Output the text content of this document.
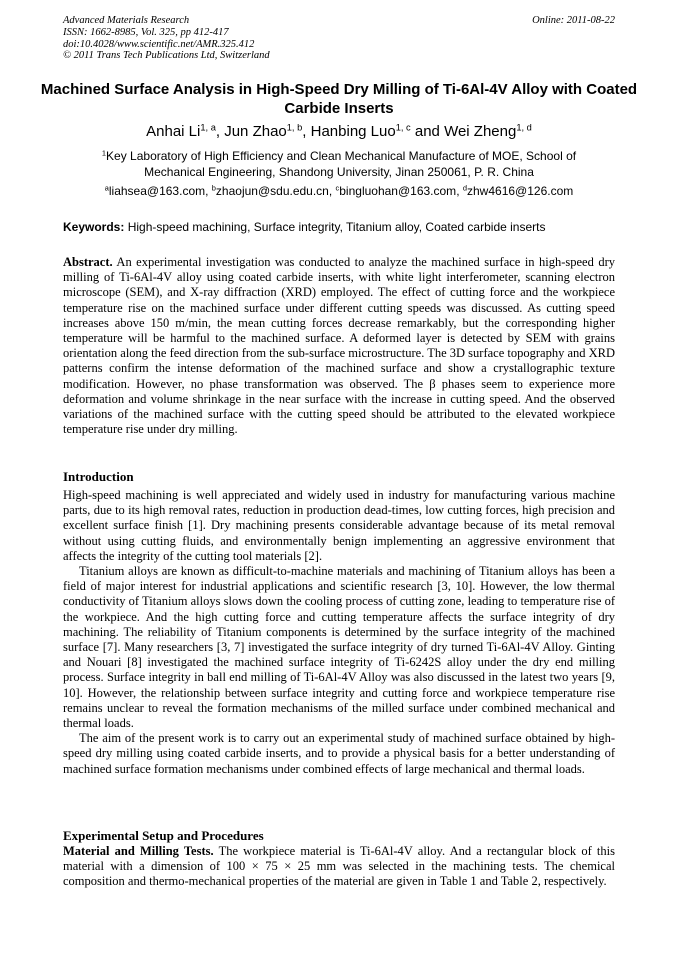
Advanced Materials Research
ISSN: 1662-8985, Vol. 325, pp 412-417
doi:10.4028/www.scientific.net/AMR.325.412
© 2011 Trans Tech Publications Ltd, Switzerland
Online: 2011-08-22
Machined Surface Analysis in High-Speed Dry Milling of Ti-6Al-4V Alloy with Coated Carbide Inserts
Anhai Li$^{1, a}$, Jun Zhao$^{1, b}$, Hanbing Luo$^{1, c}$ and Wei Zheng$^{1, d}$
$^1$Key Laboratory of High Efficiency and Clean Mechanical Manufacture of MOE, School of Mechanical Engineering, Shandong University, Jinan 250061, P. R. China
$^a$liahsea@163.com, $^b$zhaojun@sdu.edu.cn, $^c$bingluohan@163.com, $^d$zhw4616@126.com
Keywords: High-speed machining, Surface integrity, Titanium alloy, Coated carbide inserts
Abstract. An experimental investigation was conducted to analyze the machined surface in high-speed dry milling of Ti-6Al-4V alloy using coated carbide inserts, with white light interferometer, scanning electron microscope (SEM), and X-ray diffraction (XRD) employed. The effect of cutting force and the workpiece temperature rise on the machined surface under different cutting speeds was discussed. As cutting speed increases above 150 m/min, the mean cutting forces decrease remarkably, but the corresponding higher temperature will be harmful to the machined surface. A deformed layer is detected by SEM with grains orientation along the feed direction from the sub-surface microstructure. The 3D surface topography and XRD patterns confirm the intense deformation of the machined surface and show a crystallographic texture modification. However, no phase transformation was observed. The β phases seem to experience more deformation and volume shrinkage in the near surface with the increase in cutting speed. And the observed variations of the machined surface with the cutting speed should be attributed to the elevated workpiece temperature rise under dry milling.
Introduction

High-speed machining is well appreciated and widely used in industry for manufacturing various machine parts, due to its high removal rates, reduction in production dead-times, low cutting forces, high precision and excellent surface finish [1]. Dry machining presents considerable advantage because of its metal removal without using cutting fluids, and environmentally benign implementing an aggressive environment that affects the integrity of the cutting tool materials [2].

Titanium alloys are known as difficult-to-machine materials and machining of Titanium alloys has been a field of major interest for industrial applications and scientific research [3, 10]. However, the low thermal conductivity of Titanium alloys slows down the cooling process of cutting zone, leading to temperature rise of the workpiece. And the high cutting force and cutting temperature affects the surface integrity of dry machining. The reliability of Titanium components is determined by the surface integrity of the machined surface [7]. Many researchers [3, 7] investigated the surface integrity of dry turned Ti-6Al-4V Alloy. Ginting and Nouari [8] investigated the machined surface integrity of Ti-6242S alloy under the dry end milling process. Surface integrity in ball end milling of Ti-6Al-4V Alloy was also discussed in the latest two years [9, 10]. However, the relationship between surface integrity and cutting force and workpiece temperature rise remains unclear to reveal the formation mechanisms of the milled surface under combined mechanical and thermal loads.

The aim of the present work is to carry out an experimental study of machined surface obtained by high-speed dry milling using coated carbide inserts, and to provide a physical basis for a better understanding of machined surface formation mechanisms under combined effects of large mechanical and thermal loads.

Experimental Setup and Procedures

Material and Milling Tests. The workpiece material is Ti-6Al-4V alloy. And a rectangular block of this material with a dimension of 100 × 75 × 25 mm was selected in the machining tests. The chemical composition and thermo-mechanical properties of the material are given in Table 1 and Table 2, respectively.
